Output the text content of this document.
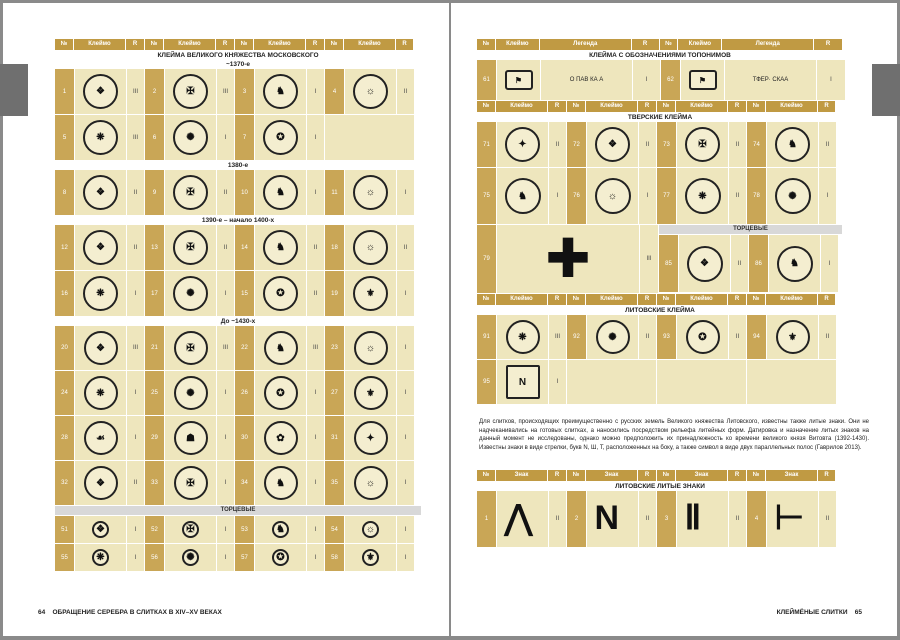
№	Клеймо	R	№	Клеймо	R	№	Клеймо	R	№	Клеймо	R
КЛЕЙМА ВЕЛИКОГО КНЯЖЕСТВА МОСКОВСКОГО
~1370-е
1	❖	III	2	✠	III	3	♞	I	4	☼	II
5	❋	III	6	✺	I	7	✪	I
1380-е
8	❖	II	9	✠	II	10	♞	I	11	☼	I
1390-е – начало 1400-х
12	❖	II	13	✠	II	14	♞	II	18	☼	II
16	❋	I	17	✺	I	15	✪	II	19	⚜	I
До ~1430-х
20	❖	III	21	✠	III	22	♞	III	23	☼	I
24	❋	I	25	✺	I	26	✪	I	27	⚜	I
28	☙	I	29	☗	I	30	✿	I	31	✦	I
32	❖	II	33	✠	I	34	♞	I	35	☼	I
ТОРЦЕВЫЕ
51	❖	I	52	✠	I	53	♞	I	54	☼	I
55	❋	I	56	✺	I	57	✪	I	58	⚜	I
64 ОБРАЩЕНИЕ СЕРЕБРА В СЛИТКАХ В XIV–XV ВЕКАХ
№	Клеймо	Легенда	R	№	Клеймо	Легенда	R
КЛЕЙМА С ОБОЗНАЧЕНИЯМИ ТОПОНИМОВ
61	⚑	О ПАВ КА А	I	62	⚑	ТФЕР· СКАА	I
№	Клеймо	R	№	Клеймо	R	№	Клеймо	R	№	Клеймо	R
ТВЕРСКИЕ КЛЕЙМА
71	✦	II	72	❖	II	73	✠	II	74	♞	II
75	♞	I	76	☼	I	77	❋	II	78	✺	I
79 ✚	III
ТОРЦЕВЫЕ
85	❖	II	86	♞	I
№	Клеймо	R	№	Клеймо	R	№	Клеймо	R	№	Клеймо	R
ЛИТОВСКИЕ КЛЕЙМА
91	❋	III	92	✺	II	93	✪	II	94	⚜	II
95	N	I

Для слитков, происходящих преимущественно с русских земель Великого княжества Литовского, известны также литые знаки. Они не надчеканивались на готовых слитках, а наносились посредством рельефа литейных форм. Датировка и назначение литых знаков на данный момент не исследованы, однако можно предположить их принадлежность ко времени великого князя Витовта (1392-1430). Известны знаки в виде стрелки, букв N, Ш, Т, расположенных на боку, а также символ в виде двух параллельных полос (Гаврилов 2013).

№	Знак	R	№	Знак	R	№	Знак	R	№	Знак	R
ЛИТОВСКИЕ ЛИТЫЕ ЗНАКИ
1 ⋀	II	2 N	II	3 Ⅱ	II	4 ⊢	II
КЛЕЙМЁНЫЕ СЛИТКИ 65
